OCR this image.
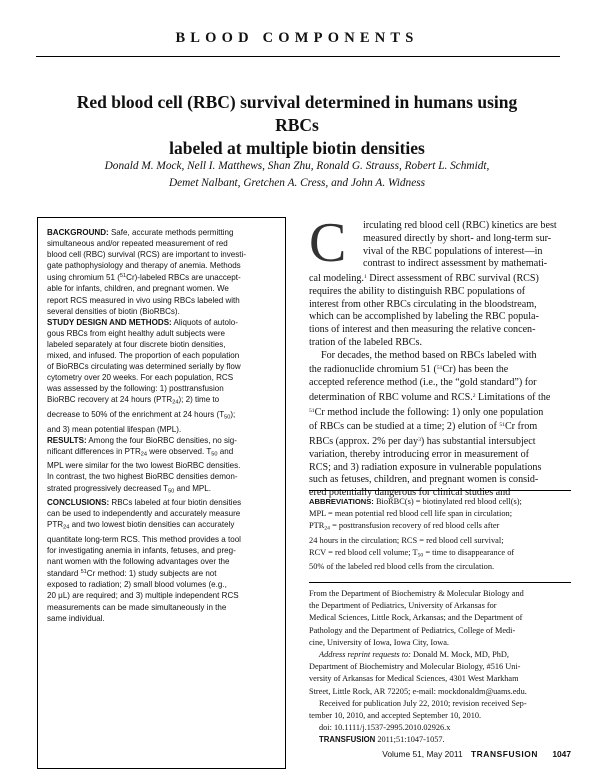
BLOOD COMPONENTS
Red blood cell (RBC) survival determined in humans using RBCs
labeled at multiple biotin densities
Donald M. Mock, Nell I. Matthews, Shan Zhu, Ronald G. Strauss, Robert L. Schmidt,
Demet Nalbant, Gretchen A. Cress, and John A. Widness
BACKGROUND: Safe, accurate methods permitting
simultaneous and/or repeated measurement of red
blood cell (RBC) survival (RCS) are important to investi-
gate pathophysiology and therapy of anemia. Methods
using chromium 51 ($^{51}$Cr)-labeled RBCs are unaccept-
able for infants, children, and pregnant women. We
report RCS measured in vivo using RBCs labeled with
several densities of biotin (BioRBCs).
STUDY DESIGN AND METHODS: Aliquots of autolo-
gous RBCs from eight healthy adult subjects were
labeled separately at four discrete biotin densities,
mixed, and infused. The proportion of each population
of BioRBCs circulating was determined serially by flow
cytometry over 20 weeks. For each population, RCS
was assessed by the following: 1) posttransfusion
BioRBC recovery at 24 hours $(PTR_{24})$; 2) time to
decrease to 50% of the enrichment at 24 hours $(T_{50})$;
and 3) mean potential lifespan (MPL).
RESULTS: Among the four BioRBC densities, no sig-
nificant differences in $PTR_{24}$ were observed. $T_{50}$ and
MPL were similar for the two lowest BioRBC densities.
In contrast, the two highest BioRBC densities demon-
strated progressively decreased $T_{50}$ and MPL.
CONCLUSIONS: RBCs labeled at four biotin densities
can be used to independently and accurately measure
$PTR_{24}$ and two lowest biotin densities can accurately
quantitate long-term RCS. This method provides a tool
for investigating anemia in infants, fetuses, and preg-
nant women with the following advantages over the
standard $^{51}$Cr method: 1) study subjects are not
exposed to radiation; 2) small blood volumes (e.g.,
20 μL) are required; and 3) multiple independent RCS
measurements can be made simultaneously in the
same individual.
C	irculating red blood cell (RBC) kinetics are best
measured directly by short- and long-term sur-
vival of the RBC populations of interest—in
contrast to indirect assessment by mathemati-
cal modeling.$^1$ Direct assessment of RBC survival (RCS)
requires the ability to distinguish RBC populations of
interest from other RBCs circulating in the bloodstream,
which can be accomplished by labeling the RBC popula-
tions of interest and then measuring the relative concen-
tration of the labeled RBCs.
For decades, the method based on RBCs labeled with
the radionuclide chromium 51 ($^{51}$Cr) has been the
accepted reference method (i.e., the “gold standard”) for
determination of RBC volume and RCS.$^2$ Limitations of the
$^{51}$Cr method include the following: 1) only one population
of RBCs can be studied at a time; 2) elution of $^{51}$Cr from
RBCs (approx. 2% per day$^3$) has substantial intersubject
variation, thereby introducing error in measurement of
RCS; and 3) radiation exposure in vulnerable populations
such as fetuses, children, and pregnant women is consid-
ered potentially dangerous for clinical studies and
ABBREVIATIONS: BioRBC(s) = biotinylated red blood cell(s);
MPL = mean potential red blood cell life span in circulation;
$PTR_{24}$ = posttransfusion recovery of red blood cells after
24 hours in the circulation; RCS = red blood cell survival;
RCV = red blood cell volume; $T_{50}$ = time to disappearance of
50% of the labeled red blood cells from the circulation.
From the Department of Biochemistry & Molecular Biology and
the Department of Pediatrics, University of Arkansas for
Medical Sciences, Little Rock, Arkansas; and the Department of
Pathology and the Department of Pediatrics, College of Medi-
cine, University of Iowa, Iowa City, Iowa.
Address reprint requests to: Donald M. Mock, MD, PhD,
Department of Biochemistry and Molecular Biology, #516 Uni-
versity of Arkansas for Medical Sciences, 4301 West Markham
Street, Little Rock, AR 72205; e-mail: mockdonaldm@uams.edu.
Received for publication July 22, 2010; revision received Sep-
tember 10, 2010, and accepted September 10, 2010.
doi: 10.1111/j.1537-2995.2010.02926.x
TRANSFUSION 2011;51:1047-1057.
Volume 51, May 2011 TRANSFUSION 1047
